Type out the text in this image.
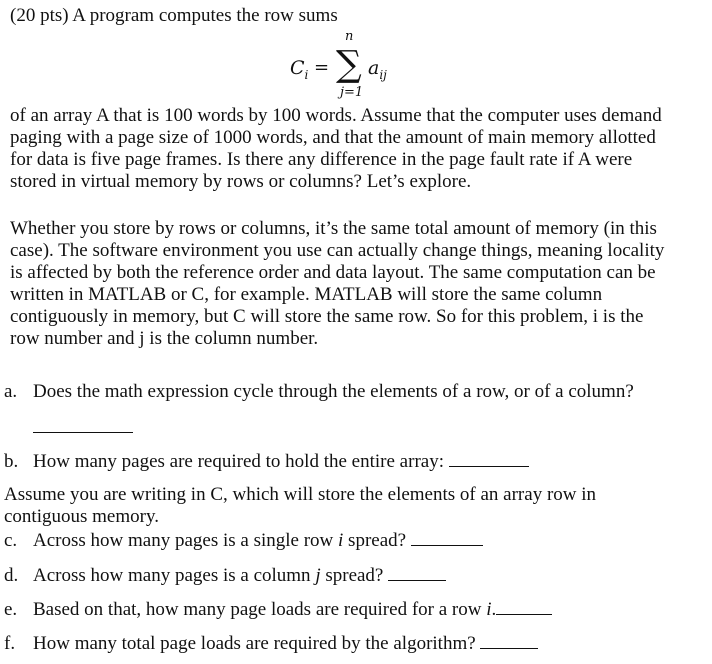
(20 pts) A program computes the row sums
$C_i$ =
n
∑
j=1
$a_{ij}$
of an array A that is 100 words by 100 words. Assume that the computer uses demand
paging with a page size of 1000 words, and that the amount of main memory allotted
for data is five page frames. Is there any difference in the page fault rate if A were
stored in virtual memory by rows or columns? Let’s explore.
Whether you store by rows or columns, it’s the same total amount of memory (in this
case). The software environment you use can actually change things, meaning locality
is affected by both the reference order and data layout. The same computation can be
written in MATLAB or C, for example. MATLAB will store the same column
contiguously in memory, but C will store the same row. So for this problem, i is the
row number and j is the column number.
a. Does the math expression cycle through the elements of a row, or of a column?
b. How many pages are required to hold the entire array:
Assume you are writing in C, which will store the elements of an array row in
contiguous memory.
c. Across how many pages is a single row i spread?
d. Across how many pages is a column j spread?
e. Based on that, how many page loads are required for a row i.
f. How many total page loads are required by the algorithm?
